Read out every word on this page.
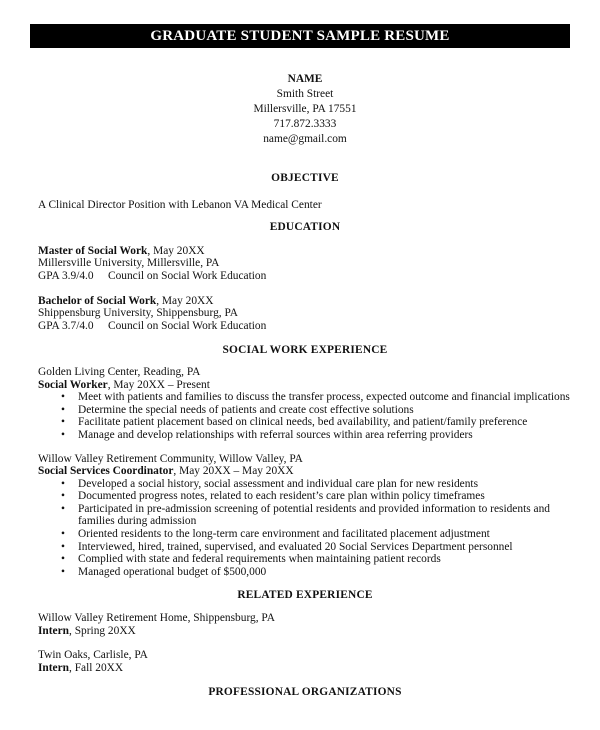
GRADUATE STUDENT SAMPLE RESUME
NAME
Smith Street
Millersville, PA 17551
717.872.3333
name@gmail.com
OBJECTIVE
A Clinical Director Position with Lebanon VA Medical Center
EDUCATION
Master of Social Work, May 20XX
Millersville University, Millersville, PA
GPA 3.9/4.0 Council on Social Work Education
Bachelor of Social Work, May 20XX
Shippensburg University, Shippensburg, PA
GPA 3.7/4.0 Council on Social Work Education
SOCIAL WORK EXPERIENCE
Golden Living Center, Reading, PA
Social Worker, May 20XX – Present
• Meet with patients and families to discuss the transfer process, expected outcome and financial implications
• Determine the special needs of patients and create cost effective solutions
• Facilitate patient placement based on clinical needs, bed availability, and patient/family preference
• Manage and develop relationships with referral sources within area referring providers
Willow Valley Retirement Community, Willow Valley, PA
Social Services Coordinator, May 20XX – May 20XX
• Developed a social history, social assessment and individual care plan for new residents
• Documented progress notes, related to each resident’s care plan within policy timeframes
• Participated in pre-admission screening of potential residents and provided information to residents and families during admission
• Oriented residents to the long-term care environment and facilitated placement adjustment
• Interviewed, hired, trained, supervised, and evaluated 20 Social Services Department personnel
• Complied with state and federal requirements when maintaining patient records
• Managed operational budget of $500,000
RELATED EXPERIENCE
Willow Valley Retirement Home, Shippensburg, PA
Intern, Spring 20XX
Twin Oaks, Carlisle, PA
Intern, Fall 20XX
PROFESSIONAL ORGANIZATIONS
